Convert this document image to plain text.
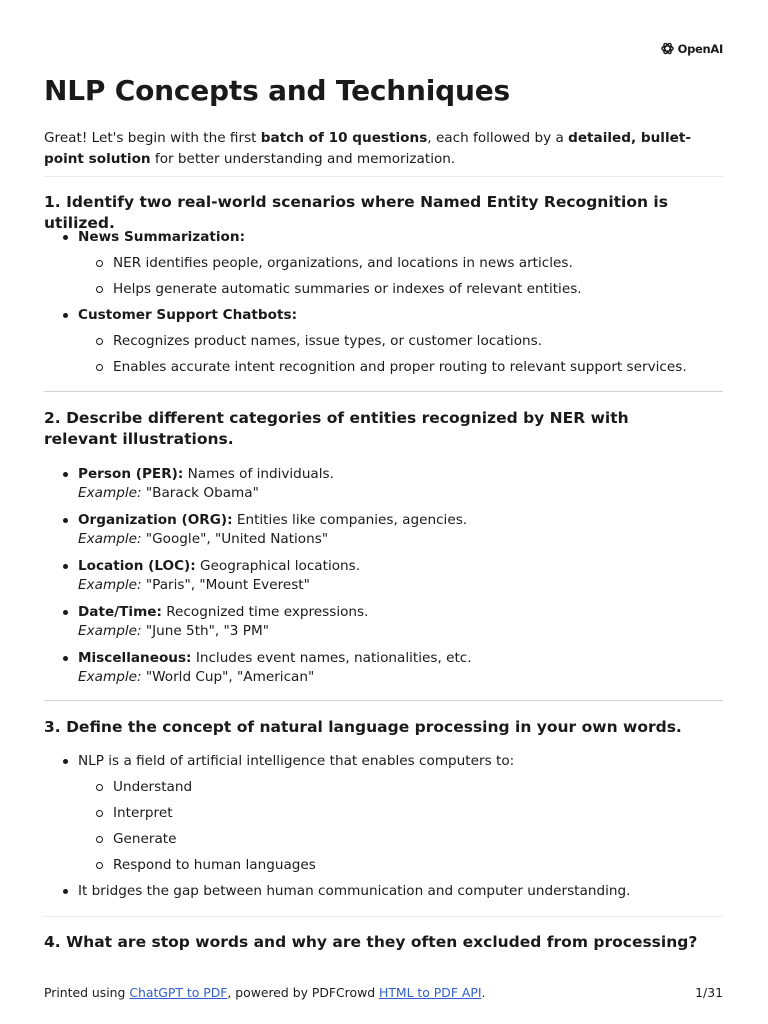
OpenAI
NLP Concepts and Techniques

Great! Let's begin with the first batch of 10 questions, each followed by a detailed, bullet-point solution for better understanding and memorization.

1. Identify two real-world scenarios where Named Entity Recognition is utilized.
News Summarization:
NER identifies people, organizations, and locations in news articles.
Helps generate automatic summaries or indexes of relevant entities.
Customer Support Chatbots:
Recognizes product names, issue types, or customer locations.
Enables accurate intent recognition and proper routing to relevant support services.
2. Describe different categories of entities recognized by NER with relevant illustrations.
Person (PER): Names of individuals.
Example: "Barack Obama"
Organization (ORG): Entities like companies, agencies.
Example: "Google", "United Nations"
Location (LOC): Geographical locations.
Example: "Paris", "Mount Everest"
Date/Time: Recognized time expressions.
Example: "June 5th", "3 PM"
Miscellaneous: Includes event names, nationalities, etc.
Example: "World Cup", "American"
3. Define the concept of natural language processing in your own words.
NLP is a field of artificial intelligence that enables computers to:
Understand
Interpret
Generate
Respond to human languages
It bridges the gap between human communication and computer understanding.
4. What are stop words and why are they often excluded from processing?
Printed using ChatGPT to PDF, powered by PDFCrowd HTML to PDF API.	1/31
